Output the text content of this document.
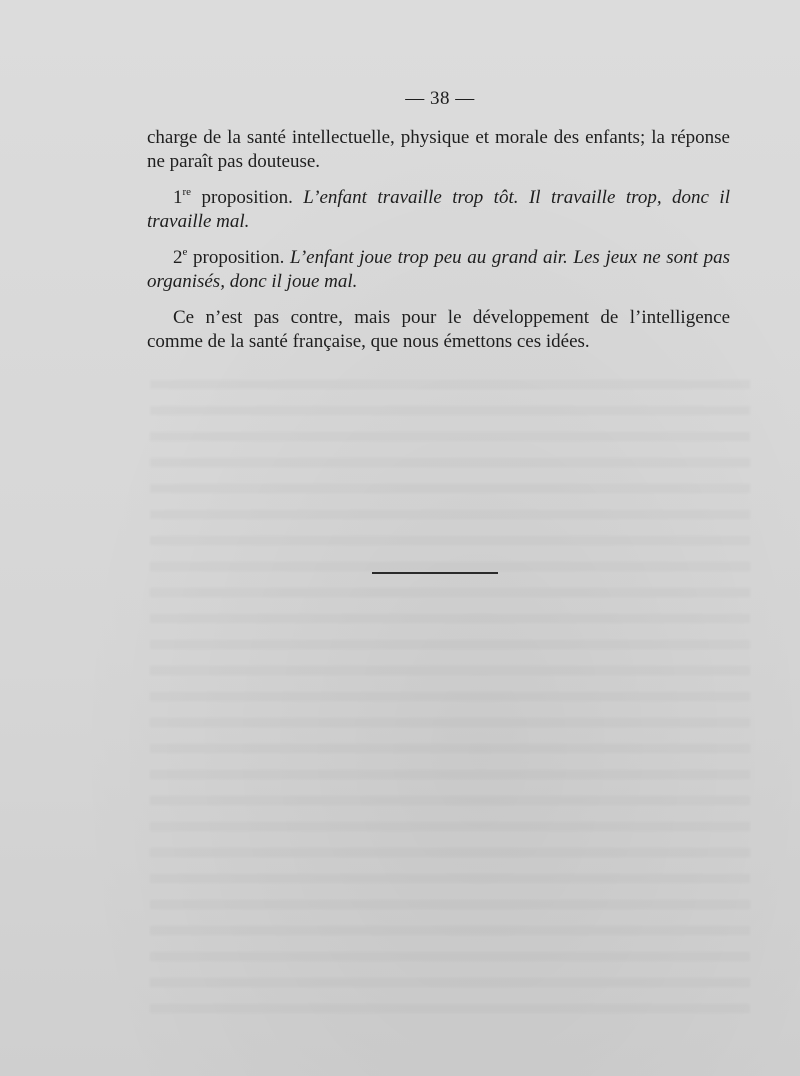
— 38 —

charge de la santé intellectuelle, physique et morale des enfants; la réponse ne paraît pas douteuse.

1re proposition. L’enfant travaille trop tôt. Il travaille trop, donc il travaille mal.

2e proposition. L’enfant joue trop peu au grand air. Les jeux ne sont pas organisés, donc il joue mal.

Ce n’est pas contre, mais pour le développement de l’intelligence comme de la santé française, que nous émettons ces idées.
